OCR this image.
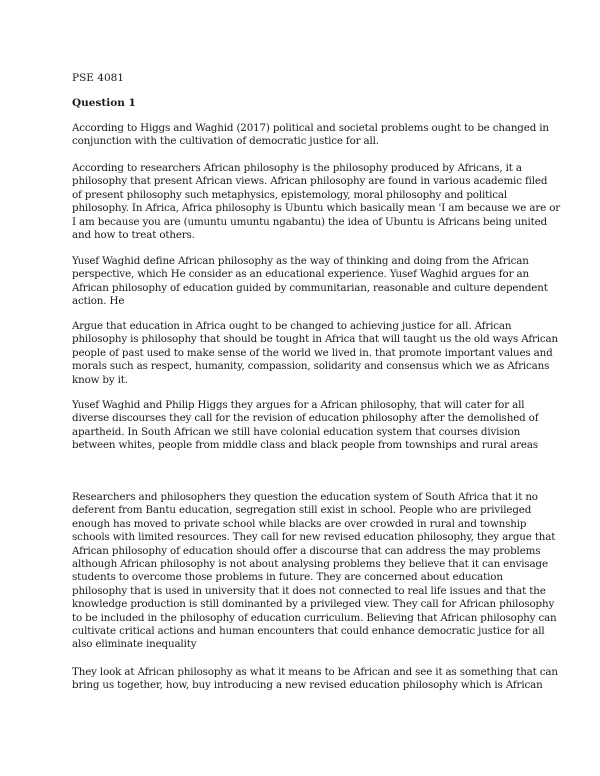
PSE 4081
Question 1
According to Higgs and Waghid (2017) political and societal problems ought to be changed in
conjunction with the cultivation of democratic justice for all.
According to researchers African philosophy is the philosophy produced by Africans, it a
philosophy that present African views. African philosophy are found in various academic filed
of present philosophy such metaphysics, epistemology, moral philosophy and political
philosophy. In Africa, Africa philosophy is Ubuntu which basically mean 'I am because we are or
I am because you are (umuntu umuntu ngabantu) the idea of Ubuntu is Africans being united
and how to treat others.
Yusef Waghid define African philosophy as the way of thinking and doing from the African
perspective, which He consider as an educational experience. Yusef Waghid argues for an
African philosophy of education guided by communitarian, reasonable and culture dependent
action. He
Argue that education in Africa ought to be changed to achieving justice for all. African
philosophy is philosophy that should be tought in Africa that will taught us the old ways African
people of past used to make sense of the world we lived in. that promote important values and
morals such as respect, humanity, compassion, solidarity and consensus which we as Africans
know by it.
Yusef Waghid and Philip Higgs they argues for a African philosophy, that will cater for all
diverse discourses they call for the revision of education philosophy after the demolished of
apartheid. In South African we still have colonial education system that courses division
between whites, people from middle class and black people from townships and rural areas
Researchers and philosophers they question the education system of South Africa that it no
deferent from Bantu education, segregation still exist in school. People who are privileged
enough has moved to private school while blacks are over crowded in rural and township
schools with limited resources. They call for new revised education philosophy, they argue that
African philosophy of education should offer a discourse that can address the may problems
although African philosophy is not about analysing problems they believe that it can envisage
students to overcome those problems in future. They are concerned about education
philosophy that is used in university that it does not connected to real life issues and that the
knowledge production is still dominanted by a privileged view. They call for African philosophy
to be included in the philosophy of education curriculum. Believing that African philosophy can
cultivate critical actions and human encounters that could enhance democratic justice for all
also eliminate inequality
They look at African philosophy as what it means to be African and see it as something that can
bring us together, how, buy introducing a new revised education philosophy which is African
